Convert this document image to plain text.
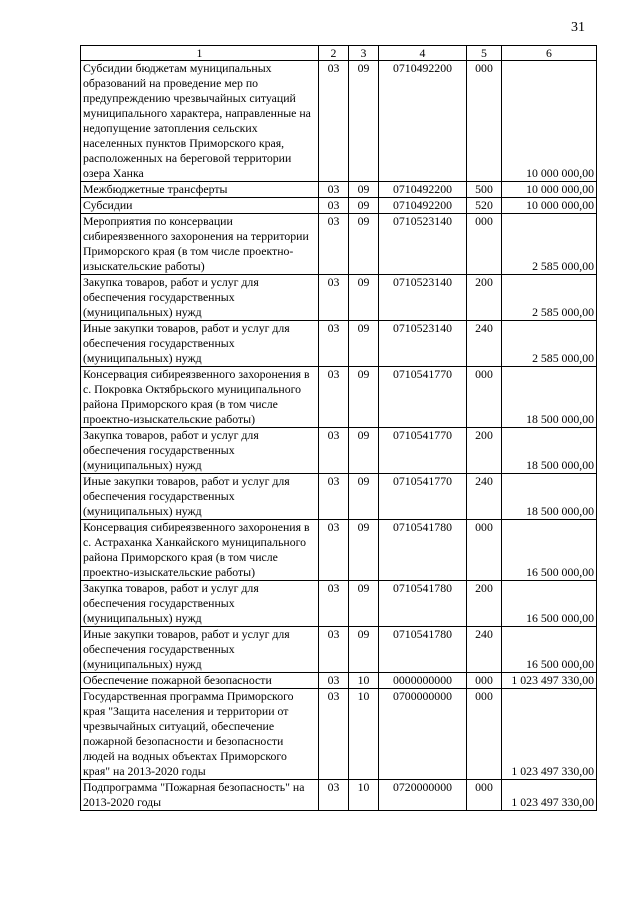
31
1	2	3	4	5	6
Субсидии бюджетам муниципальных образований на проведение мер по предупреждению чрезвычайных ситуаций муниципального характера, направленные на недопущение затопления сельских населенных пунктов Приморского края, расположенных на береговой территории озера Ханка	03	09	0710492200	000	10 000 000,00
Межбюджетные трансферты	03	09	0710492200	500	10 000 000,00
Субсидии	03	09	0710492200	520	10 000 000,00
Мероприятия по консервации сибиреязвенного захоронения на территории Приморского края (в том числе проектно-изыскательские работы)	03	09	0710523140	000	2 585 000,00
Закупка товаров, работ и услуг для обеспечения государственных (муниципальных) нужд	03	09	0710523140	200	2 585 000,00
Иные закупки товаров, работ и услуг для обеспечения государственных (муниципальных) нужд	03	09	0710523140	240	2 585 000,00
Консервация сибиреязвенного захоронения в с. Покровка Октябрьского муниципального района Приморского края (в том числе проектно-изыскательские работы)	03	09	0710541770	000	18 500 000,00
Закупка товаров, работ и услуг для обеспечения государственных (муниципальных) нужд	03	09	0710541770	200	18 500 000,00
Иные закупки товаров, работ и услуг для обеспечения государственных (муниципальных) нужд	03	09	0710541770	240	18 500 000,00
Консервация сибиреязвенного захоронения в с. Астраханка Ханкайского муниципального района Приморского края (в том числе проектно-изыскательские работы)	03	09	0710541780	000	16 500 000,00
Закупка товаров, работ и услуг для обеспечения государственных (муниципальных) нужд	03	09	0710541780	200	16 500 000,00
Иные закупки товаров, работ и услуг для обеспечения государственных (муниципальных) нужд	03	09	0710541780	240	16 500 000,00
Обеспечение пожарной безопасности	03	10	0000000000	000	1 023 497 330,00
Государственная программа Приморского края "Защита населения и территории от чрезвычайных ситуаций, обеспечение пожарной безопасности и безопасности людей на водных объектах Приморского края" на 2013-2020 годы	03	10	0700000000	000	1 023 497 330,00
Подпрограмма "Пожарная безопасность" на 2013-2020 годы	03	10	0720000000	000	1 023 497 330,00
